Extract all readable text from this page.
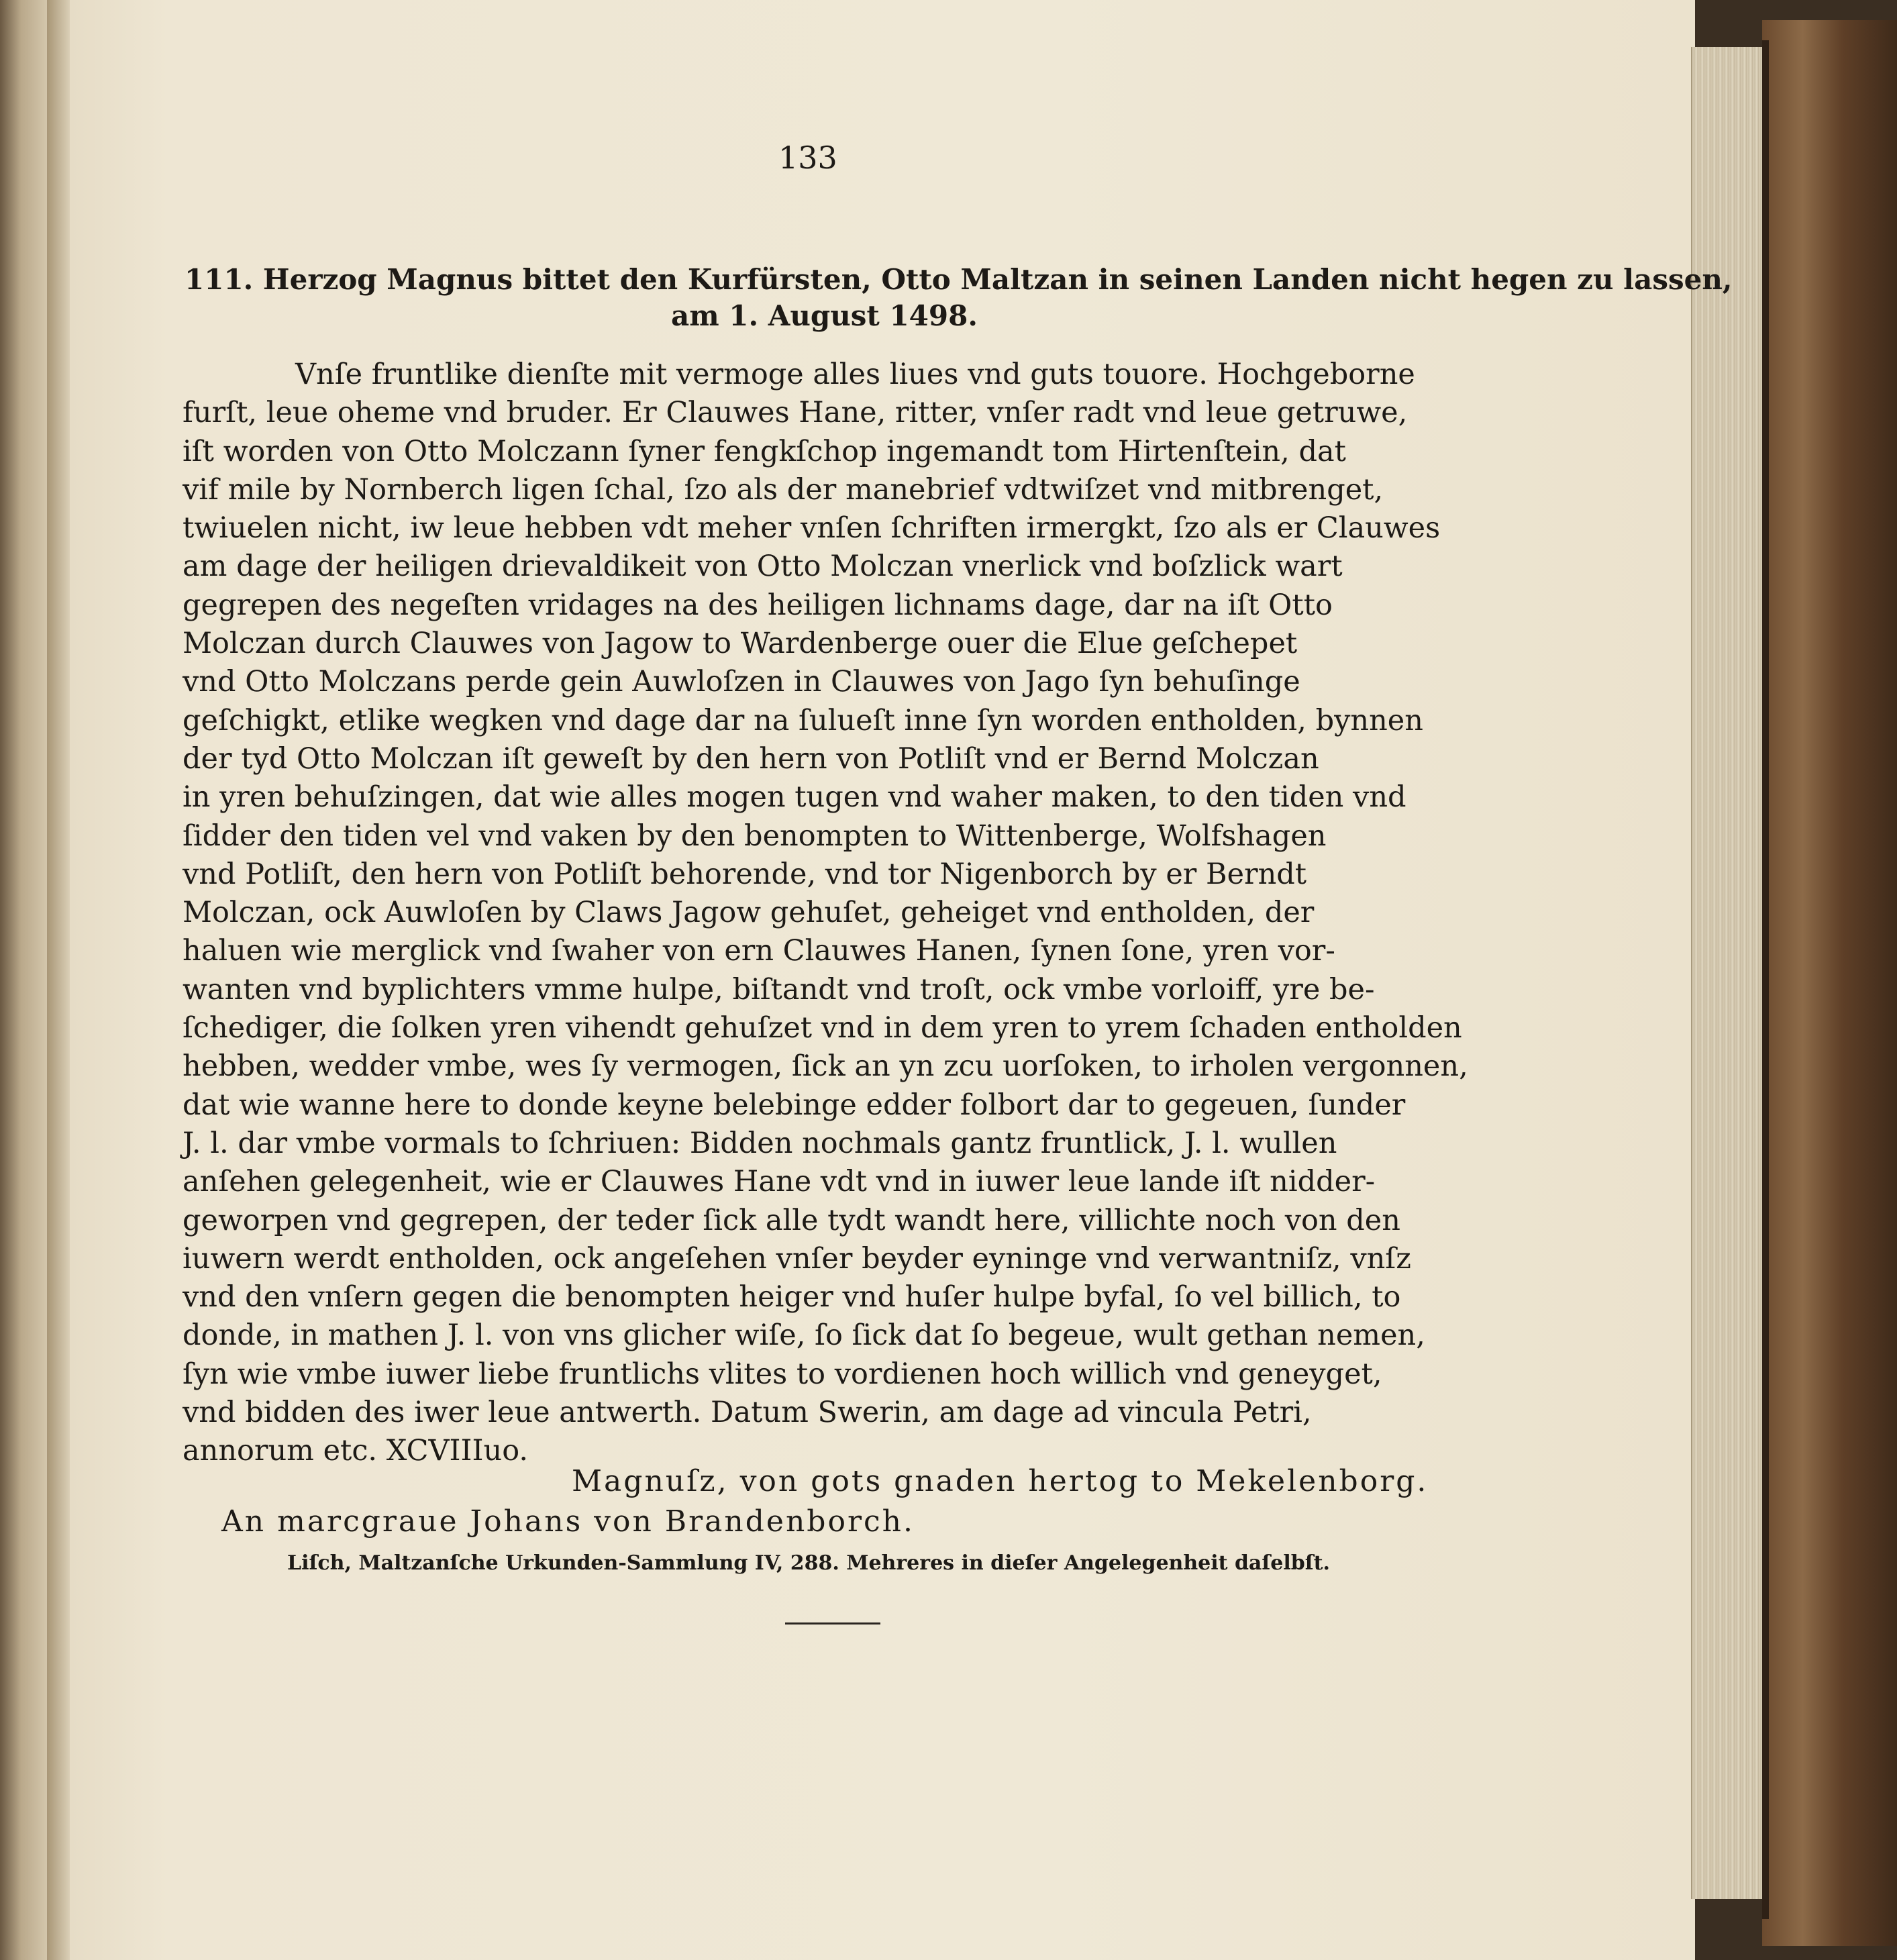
133
111. Herzog Magnus bittet den Kurfürsten, Otto Maltzan in seinen Landen nicht hegen zu lassen,
am 1. August 1498.
Vnſe fruntlike dienſte mit vermoge alles liues vnd guts touore. Hochgeborne
furſt, leue oheme vnd bruder. Er Clauwes Hane, ritter, vnſer radt vnd leue getruwe,
iſt worden von Otto Molczann ſyner fengkſchop ingemandt tom Hirtenſtein, dat
vif mile by Nornberch ligen ſchal, ſzo als der manebrief vdtwiſzet vnd mitbrenget,
twiuelen nicht, iw leue hebben vdt meher vnſen ſchriften irmergkt, ſzo als er Clauwes
am dage der heiligen drievaldikeit von Otto Molczan vnerlick vnd boſzlick wart
gegrepen des negeſten vridages na des heiligen lichnams dage, dar na iſt Otto
Molczan durch Clauwes von Jagow to Wardenberge ouer die Elue geſchepet
vnd Otto Molczans perde gein Auwloſzen in Clauwes von Jago ſyn behuſinge
geſchigkt, etlike wegken vnd dage dar na ſulueſt inne ſyn worden entholden, bynnen
der tyd Otto Molczan iſt geweſt by den hern von Potliſt vnd er Bernd Molczan
in yren behuſzingen, dat wie alles mogen tugen vnd waher maken, to den tiden vnd
ſidder den tiden vel vnd vaken by den benompten to Wittenberge, Wolfshagen
vnd Potliſt, den hern von Potliſt behorende, vnd tor Nigenborch by er Berndt
Molczan, ock Auwloſen by Claws Jagow gehuſet, geheiget vnd entholden, der
haluen wie merglick vnd ſwaher von ern Clauwes Hanen, ſynen ſone, yren vor-
wanten vnd byplichters vmme hulpe, biſtandt vnd troſt, ock vmbe vorloiff, yre be-
ſchediger, die ſolken yren vihendt gehuſzet vnd in dem yren to yrem ſchaden entholden
hebben, wedder vmbe, wes ſy vermogen, ſick an yn zcu uorſoken, to irholen vergonnen,
dat wie wanne here to donde keyne belebinge edder folbort dar to gegeuen, ſunder
J. l. dar vmbe vormals to ſchriuen: Bidden nochmals gantz fruntlick, J. l. wullen
anſehen gelegenheit, wie er Clauwes Hane vdt vnd in iuwer leue lande iſt nidder-
geworpen vnd gegrepen, der teder ſick alle tydt wandt here, villichte noch von den
iuwern werdt entholden, ock angeſehen vnſer beyder eyninge vnd verwantniſz, vnſz
vnd den vnſern gegen die benompten heiger vnd huſer hulpe byfal, ſo vel billich, to
donde, in mathen J. l. von vns glicher wiſe, ſo ſick dat ſo begeue, wult gethan nemen,
ſyn wie vmbe iuwer liebe fruntlichs vlites to vordienen hoch willich vnd geneyget,
vnd bidden des iwer leue antwerth. Datum Swerin, am dage ad vincula Petri,
annorum etc. XCVIIIuo.
Magnuſz, von gots gnaden hertog to Mekelenborg.
An marcgraue Johans von Brandenborch.
Liſch, Maltzanſche Urkunden-Sammlung IV, 288. Mehreres in dieſer Angelegenheit daſelbſt.
